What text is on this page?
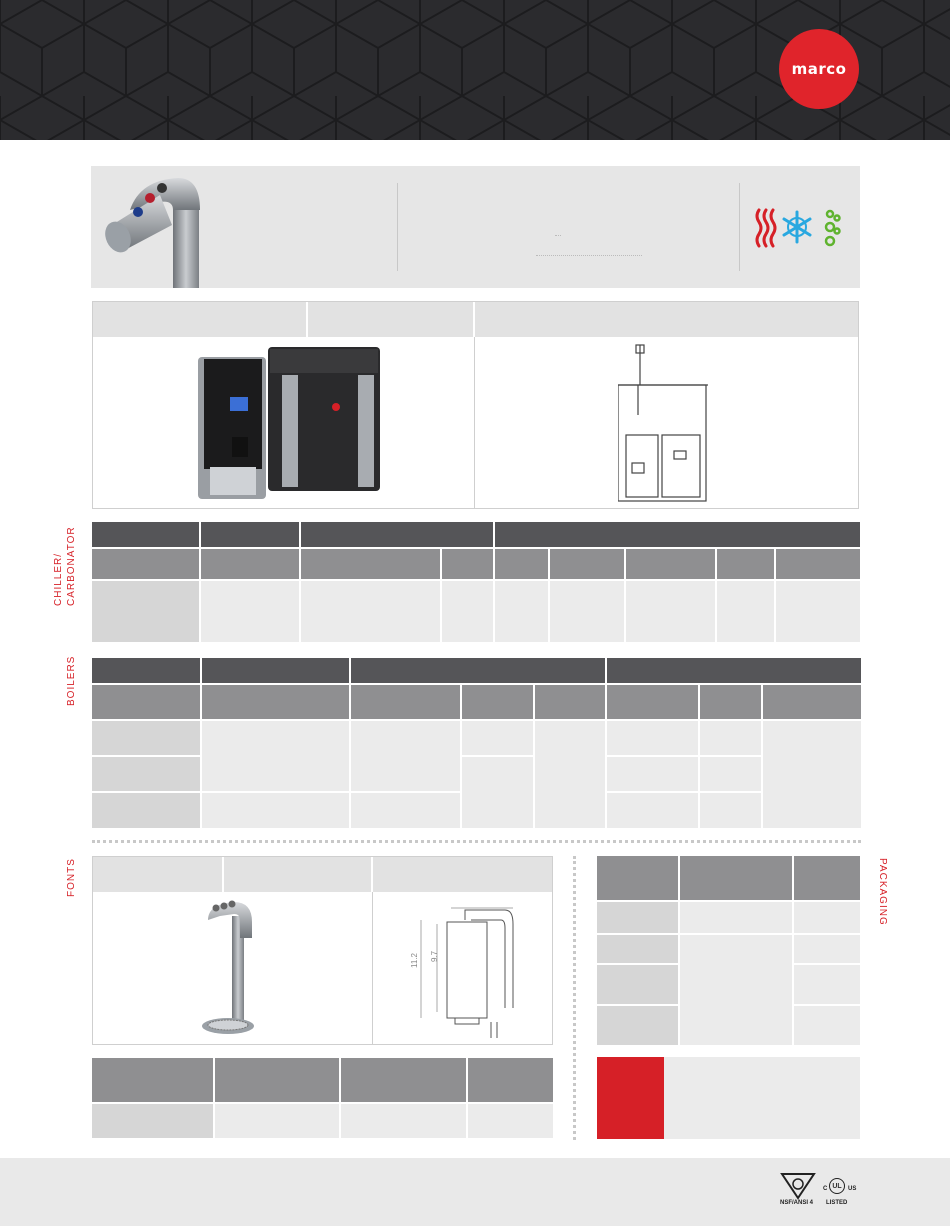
marco
CHILLER/ CARBONATOR
BOILERS
FONTS
11.2 9.7
PACKAGING
NSF/ANSI 4
C UL	US
LISTED
